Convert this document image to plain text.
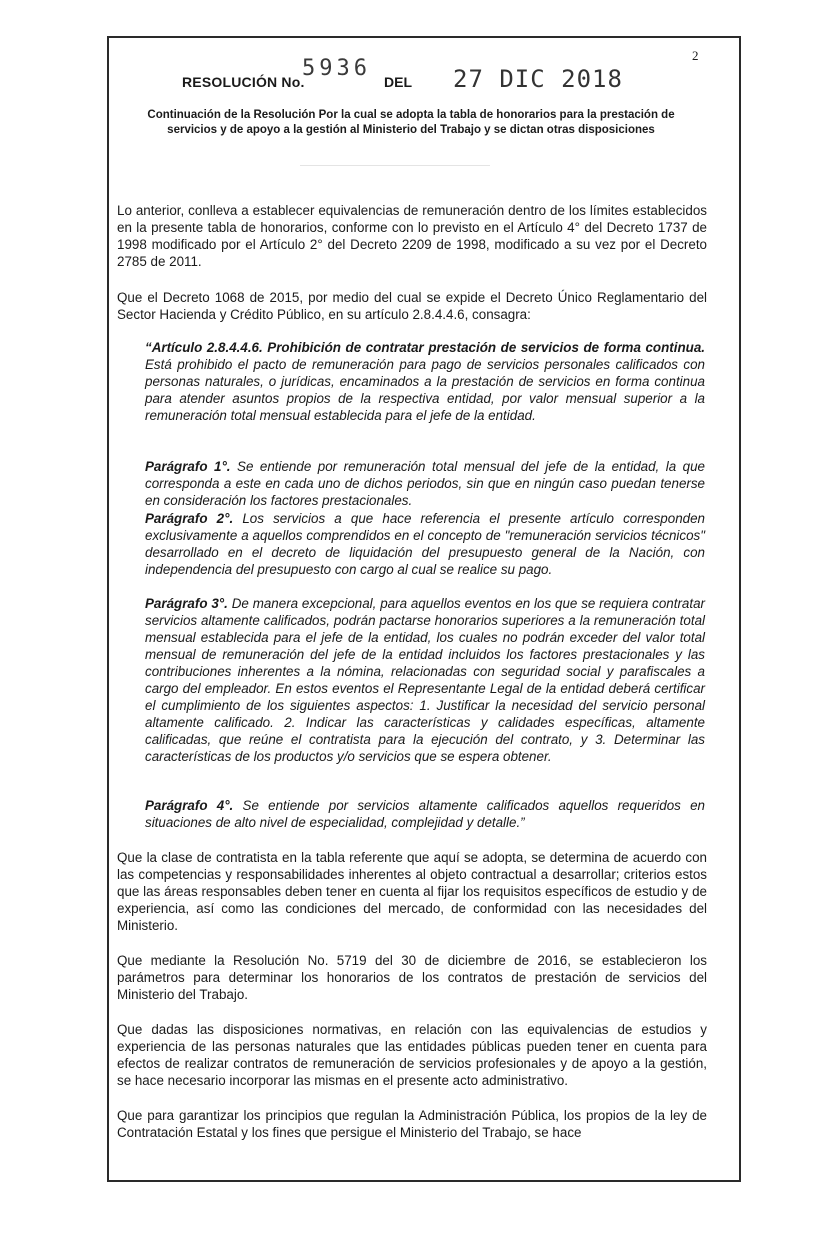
2
RESOLUCIÓN No.
5936
DEL 27 DIC 2018
Continuación de la Resolución Por la cual se adopta la tabla de honorarios para la prestación de servicios y de apoyo a la gestión al Ministerio del Trabajo y se dictan otras disposiciones
Lo anterior, conlleva a establecer equivalencias de remuneración dentro de los límites establecidos en la presente tabla de honorarios, conforme con lo previsto en el Artículo 4° del Decreto 1737 de 1998 modificado por el Artículo 2° del Decreto 2209 de 1998, modificado a su vez por el Decreto 2785 de 2011.
Que el Decreto 1068 de 2015, por medio del cual se expide el Decreto Único Reglamentario del Sector Hacienda y Crédito Público, en su artículo 2.8.4.4.6, consagra:
“Artículo 2.8.4.4.6. Prohibición de contratar prestación de servicios de forma continua. Está prohibido el pacto de remuneración para pago de servicios personales calificados con personas naturales, o jurídicas, encaminados a la prestación de servicios en forma continua para atender asuntos propios de la respectiva entidad, por valor mensual superior a la remuneración total mensual establecida para el jefe de la entidad.
Parágrafo 1°. Se entiende por remuneración total mensual del jefe de la entidad, la que corresponda a este en cada uno de dichos periodos, sin que en ningún caso puedan tenerse en consideración los factores prestacionales.
Parágrafo 2°. Los servicios a que hace referencia el presente artículo corresponden exclusivamente a aquellos comprendidos en el concepto de "remuneración servicios técnicos" desarrollado en el decreto de liquidación del presupuesto general de la Nación, con independencia del presupuesto con cargo al cual se realice su pago.
Parágrafo 3°. De manera excepcional, para aquellos eventos en los que se requiera contratar servicios altamente calificados, podrán pactarse honorarios superiores a la remuneración total mensual establecida para el jefe de la entidad, los cuales no podrán exceder del valor total mensual de remuneración del jefe de la entidad incluidos los factores prestacionales y las contribuciones inherentes a la nómina, relacionadas con seguridad social y parafiscales a cargo del empleador. En estos eventos el Representante Legal de la entidad deberá certificar el cumplimiento de los siguientes aspectos: 1. Justificar la necesidad del servicio personal altamente calificado. 2. Indicar las características y calidades específicas, altamente calificadas, que reúne el contratista para la ejecución del contrato, y 3. Determinar las características de los productos y/o servicios que se espera obtener.
Parágrafo 4°. Se entiende por servicios altamente calificados aquellos requeridos en situaciones de alto nivel de especialidad, complejidad y detalle.”
Que la clase de contratista en la tabla referente que aquí se adopta, se determina de acuerdo con las competencias y responsabilidades inherentes al objeto contractual a desarrollar; criterios estos que las áreas responsables deben tener en cuenta al fijar los requisitos específicos de estudio y de experiencia, así como las condiciones del mercado, de conformidad con las necesidades del Ministerio.
Que mediante la Resolución No. 5719 del 30 de diciembre de 2016, se establecieron los parámetros para determinar los honorarios de los contratos de prestación de servicios del Ministerio del Trabajo.
Que dadas las disposiciones normativas, en relación con las equivalencias de estudios y experiencia de las personas naturales que las entidades públicas pueden tener en cuenta para efectos de realizar contratos de remuneración de servicios profesionales y de apoyo a la gestión, se hace necesario incorporar las mismas en el presente acto administrativo.
Que para garantizar los principios que regulan la Administración Pública, los propios de la ley de Contratación Estatal y los fines que persigue el Ministerio del Trabajo, se hace
